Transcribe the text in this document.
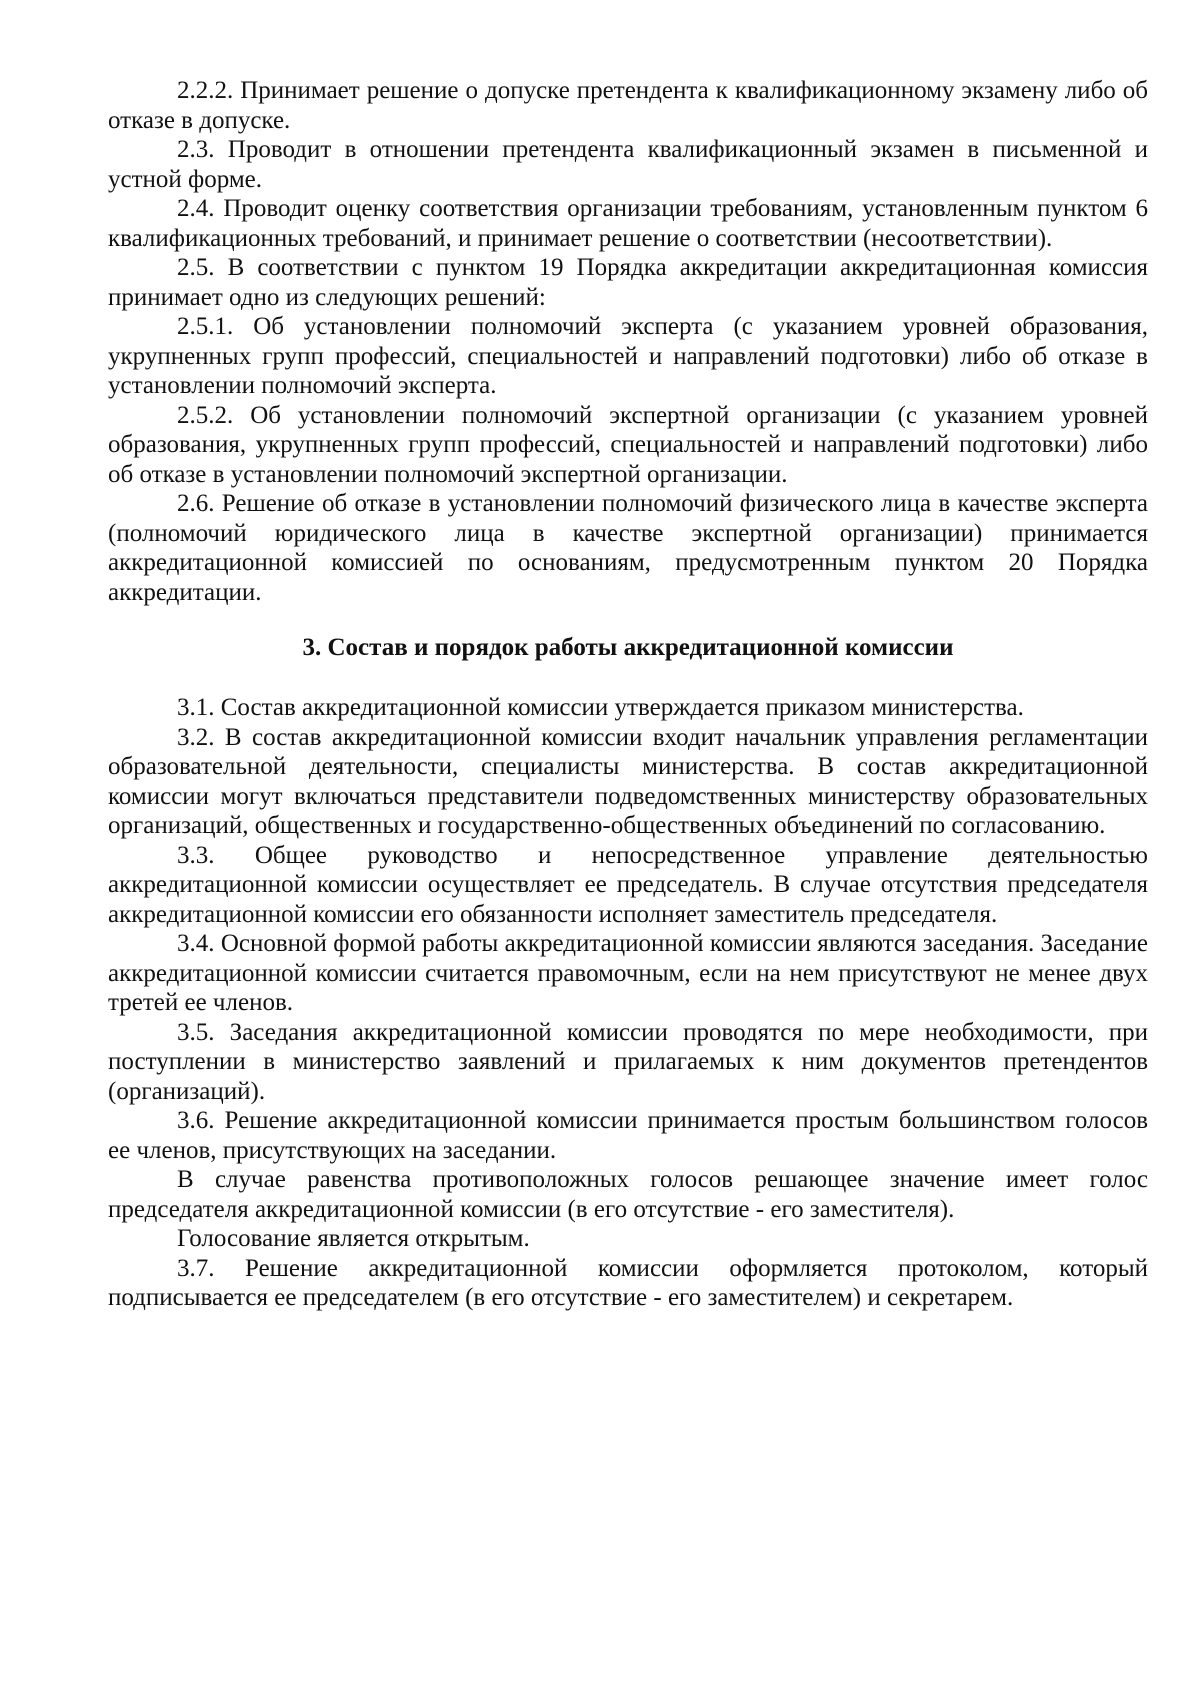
2.2.2. Принимает решение о допуске претендента к квалификационному экзамену либо об отказе в допуске.

2.3. Проводит в отношении претендента квалификационный экзамен в письменной и устной форме.

2.4. Проводит оценку соответствия организации требованиям, установленным пунктом 6 квалификационных требований, и принимает решение о соответствии (несоответствии).

2.5. В соответствии с пунктом 19 Порядка аккредитации аккредитационная комиссия принимает одно из следующих решений:

2.5.1. Об установлении полномочий эксперта (с указанием уровней образования, укрупненных групп профессий, специальностей и направлений подготовки) либо об отказе в установлении полномочий эксперта.

2.5.2. Об установлении полномочий экспертной организации (с указанием уровней образования, укрупненных групп профессий, специальностей и направлений подготовки) либо об отказе в установлении полномочий экспертной организации.

2.6. Решение об отказе в установлении полномочий физического лица в качестве эксперта (полномочий юридического лица в качестве экспертной организации) принимается аккредитационной комиссией по основаниям, предусмотренным пунктом 20 Порядка аккредитации.

3. Состав и порядок работы аккредитационной комиссии

3.1. Состав аккредитационной комиссии утверждается приказом министерства.

3.2. В состав аккредитационной комиссии входит начальник управления регламентации образовательной деятельности, специалисты министерства. В состав аккредитационной комиссии могут включаться представители подведомственных министерству образовательных организаций, общественных и государственно-общественных объединений по согласованию.

3.3. Общее руководство и непосредственное управление деятельностью аккредитационной комиссии осуществляет ее председатель. В случае отсутствия председателя аккредитационной комиссии его обязанности исполняет заместитель председателя.

3.4. Основной формой работы аккредитационной комиссии являются заседания. Заседание аккредитационной комиссии считается правомочным, если на нем присутствуют не менее двух третей ее членов.

3.5. Заседания аккредитационной комиссии проводятся по мере необходимости, при поступлении в министерство заявлений и прилагаемых к ним документов претендентов (организаций).

3.6. Решение аккредитационной комиссии принимается простым большинством голосов ее членов, присутствующих на заседании.

В случае равенства противоположных голосов решающее значение имеет голос председателя аккредитационной комиссии (в его отсутствие - его заместителя).

Голосование является открытым.

3.7. Решение аккредитационной комиссии оформляется протоколом, который подписывается ее председателем (в его отсутствие - его заместителем) и секретарем.
